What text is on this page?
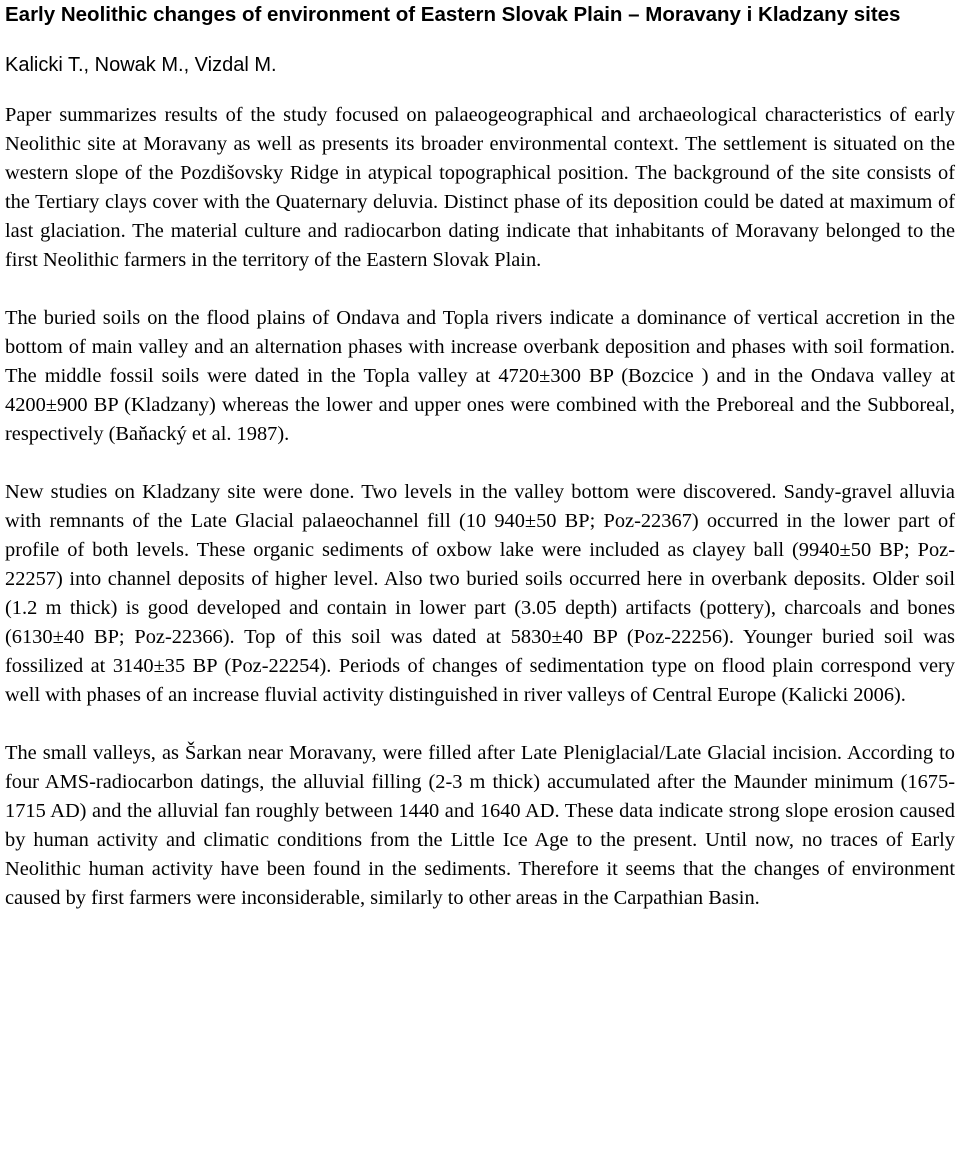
Early Neolithic changes of environment of Eastern Slovak Plain – Moravany i Kladzany sites

Kalicki T., Nowak M., Vizdal M.

Paper summarizes results of the study focused on palaeogeographical and archaeological characteristics of early Neolithic site at Moravany as well as presents its broader environmental context. The settlement is situated on the western slope of the Pozdišovsky Ridge in atypical topographical position. The background of the site consists of the Tertiary clays cover with the Quaternary deluvia. Distinct phase of its deposition could be dated at maximum of last glaciation. The material culture and radiocarbon dating indicate that inhabitants of Moravany belonged to the first Neolithic farmers in the territory of the Eastern Slovak Plain.

The buried soils on the flood plains of Ondava and Topla rivers indicate a dominance of vertical accretion in the bottom of main valley and an alternation phases with increase overbank deposition and phases with soil formation. The middle fossil soils were dated in the Topla valley at 4720±300 BP (Bozcice ) and in the Ondava valley at 4200±900 BP (Kladzany) whereas the lower and upper ones were combined with the Preboreal and the Subboreal, respectively (Baňacký et al. 1987).

New studies on Kladzany site were done. Two levels in the valley bottom were discovered. Sandy-gravel alluvia with remnants of the Late Glacial palaeochannel fill (10 940±50 BP; Poz-22367) occurred in the lower part of profile of both levels. These organic sediments of oxbow lake were included as clayey ball (9940±50 BP; Poz-22257) into channel deposits of higher level. Also two buried soils occurred here in overbank deposits. Older soil (1.2 m thick) is good developed and contain in lower part (3.05 depth) artifacts (pottery), charcoals and bones (6130±40 BP; Poz-22366). Top of this soil was dated at 5830±40 BP (Poz-22256). Younger buried soil was fossilized at 3140±35 BP (Poz-22254). Periods of changes of sedimentation type on flood plain correspond very well with phases of an increase fluvial activity distinguished in river valleys of Central Europe (Kalicki 2006).

The small valleys, as Šarkan near Moravany, were filled after Late Pleniglacial/Late Glacial incision. According to four AMS-radiocarbon datings, the alluvial filling (2-3 m thick) accumulated after the Maunder minimum (1675-1715 AD) and the alluvial fan roughly between 1440 and 1640 AD. These data indicate strong slope erosion caused by human activity and climatic conditions from the Little Ice Age to the present. Until now, no traces of Early Neolithic human activity have been found in the sediments. Therefore it seems that the changes of environment caused by first farmers were inconsiderable, similarly to other areas in the Carpathian Basin.
